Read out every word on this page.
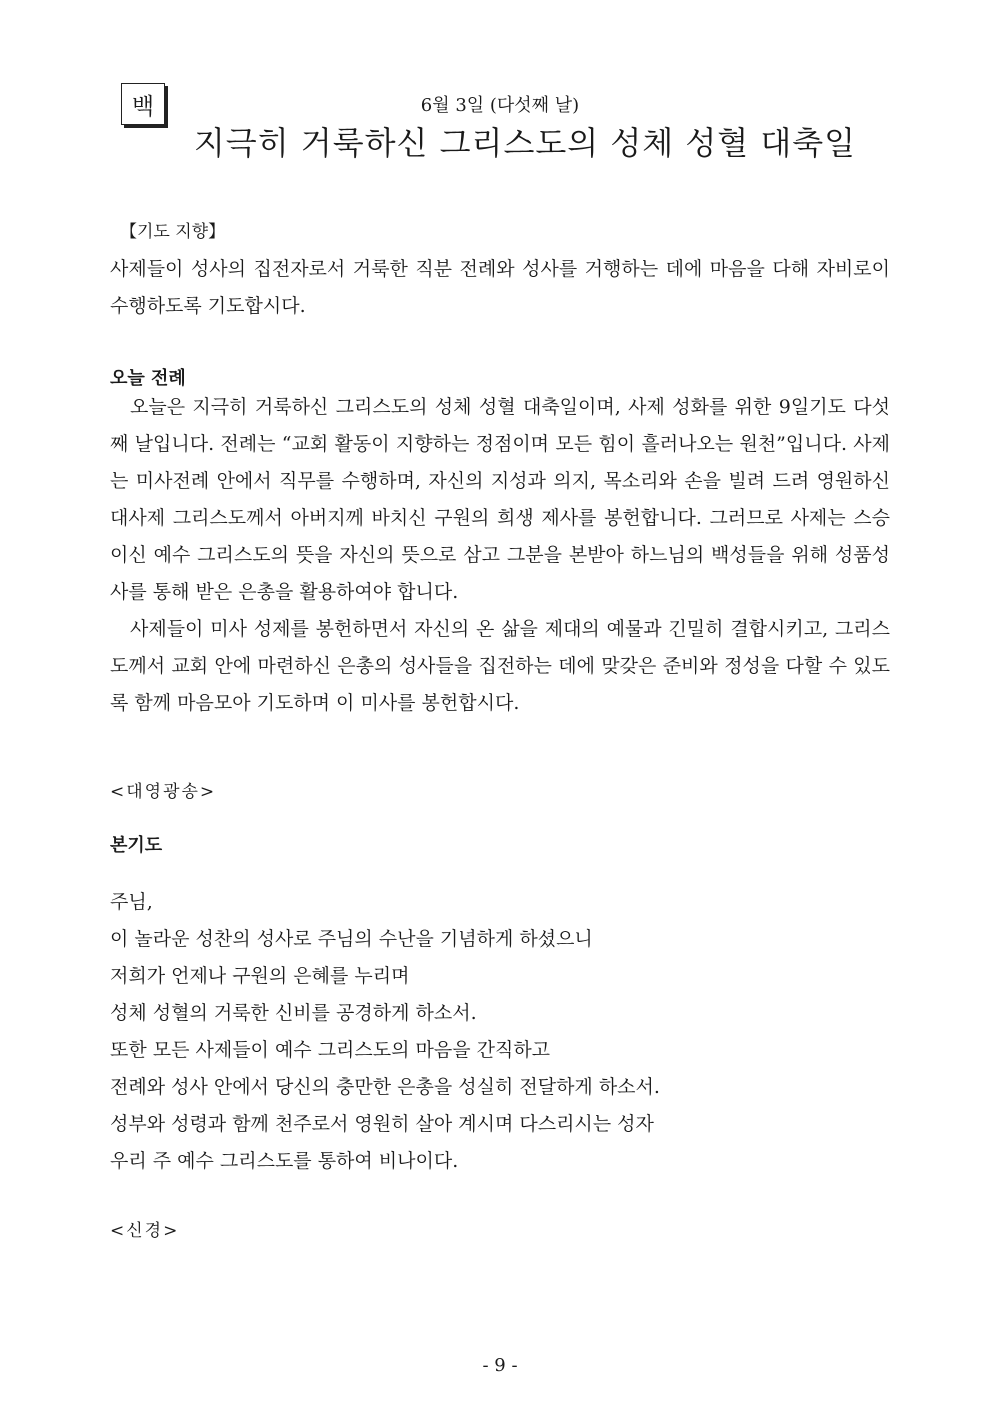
백	6월 3일 (다섯째 날)
지극히 거룩하신 그리스도의 성체 성혈 대축일
【기도 지향】

사제들이 성사의 집전자로서 거룩한 직분 전례와 성사를 거행하는 데에 마음을 다해 자비로이 수행하도록 기도합시다.

오늘 전례

오늘은 지극히 거룩하신 그리스도의 성체 성혈 대축일이며, 사제 성화를 위한 9일기도 다섯째 날입니다. 전례는 “교회 활동이 지향하는 정점이며 모든 힘이 흘러나오는 원천”입니다. 사제는 미사전례 안에서 직무를 수행하며, 자신의 지성과 의지, 목소리와 손을 빌려 드려 영원하신 대사제 그리스도께서 아버지께 바치신 구원의 희생 제사를 봉헌합니다. 그러므로 사제는 스승이신 예수 그리스도의 뜻을 자신의 뜻으로 삼고 그분을 본받아 하느님의 백성들을 위해 성품성사를 통해 받은 은총을 활용하여야 합니다.

사제들이 미사 성제를 봉헌하면서 자신의 온 삶을 제대의 예물과 긴밀히 결합시키고, 그리스도께서 교회 안에 마련하신 은총의 성사들을 집전하는 데에 맞갖은 준비와 정성을 다할 수 있도록 함께 마음모아 기도하며 이 미사를 봉헌합시다.

<대영광송>
본기도
주님,
이 놀라운 성찬의 성사로 주님의 수난을 기념하게 하셨으니
저희가 언제나 구원의 은혜를 누리며
성체 성혈의 거룩한 신비를 공경하게 하소서.
또한 모든 사제들이 예수 그리스도의 마음을 간직하고
전례와 성사 안에서 당신의 충만한 은총을 성실히 전달하게 하소서.
성부와 성령과 함께 천주로서 영원히 살아 계시며 다스리시는 성자
우리 주 예수 그리스도를 통하여 비나이다.
<신경>
- 9 -
